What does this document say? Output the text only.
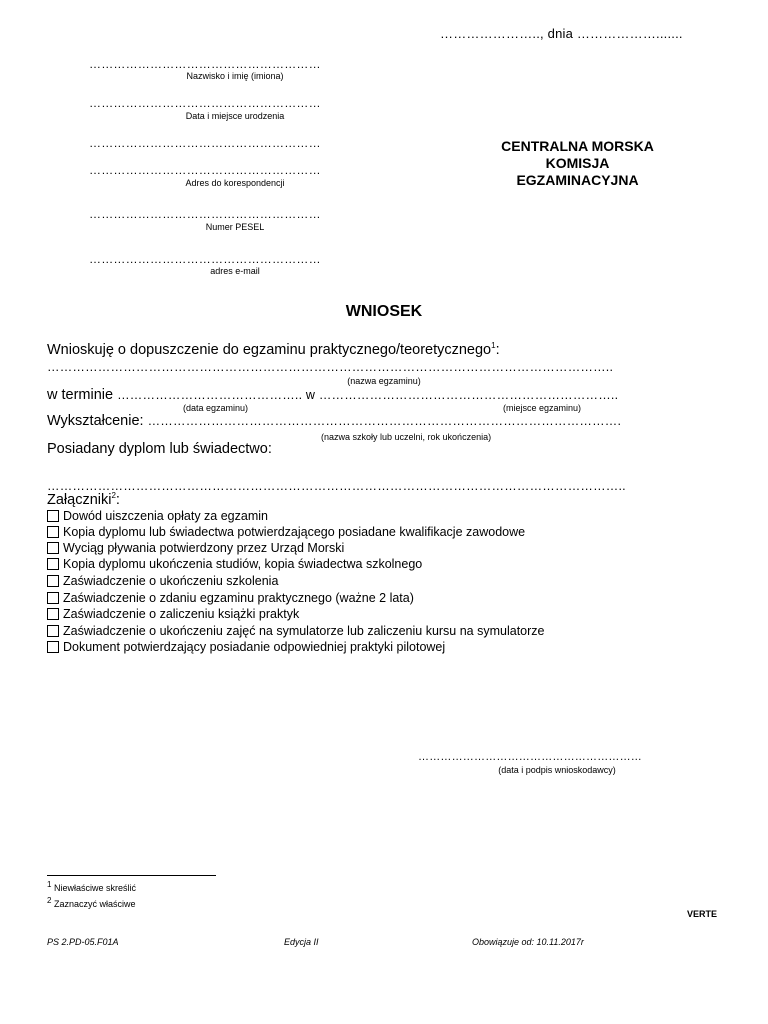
………………….., dnia ……………….......
…………………………………………………
Nazwisko i imię (imiona)
…………………………………………………
Data i miejsce urodzenia
…………………………………………………
…………………………………………………
Adres do korespondencji
…………………………………………………
Numer PESEL
…………………………………………………
adres e-mail
CENTRALNA MORSKA
KOMISJA
EGZAMINACYJNA
WNIOSEK
Wnioskuję o dopuszczenie do egzaminu praktycznego/teoretycznego$^1$:
……………………………………………………………………………………………………………………..
(nazwa egzaminu)
w terminie …………………………………….. w ……………………………………………………………..
(data egzaminu)	(miejsce egzaminu)
Wykształcenie: ………………………………………………………………………………………………….
(nazwa szkoły lub uczelni, rok ukończenia)
Posiadany dyplom lub świadectwo:
………………………………………………………………………………………………………………………..
Załączniki$^2$:
Dowód uiszczenia opłaty za egzamin
Kopia dyplomu lub świadectwa potwierdzającego posiadane kwalifikacje zawodowe
Wyciąg pływania potwierdzony przez Urząd Morski
Kopia dyplomu ukończenia studiów, kopia świadectwa szkolnego
Zaświadczenie o ukończeniu szkolenia
Zaświadczenie o zdaniu egzaminu praktycznego (ważne 2 lata)
Zaświadczenie o zaliczeniu książki praktyk
Zaświadczenie o ukończeniu zajęć na symulatorze lub zaliczeniu kursu na symulatorze
Dokument potwierdzający posiadanie odpowiedniej praktyki pilotowej
……………………………………………………
(data i podpis wnioskodawcy)
$^1$ Niewłaściwe skreślić
$^2$ Zaznaczyć właściwe
VERTE
PS 2.PD-05.F01A	Edycja II	Obowiązuje od: 10.11.2017r
